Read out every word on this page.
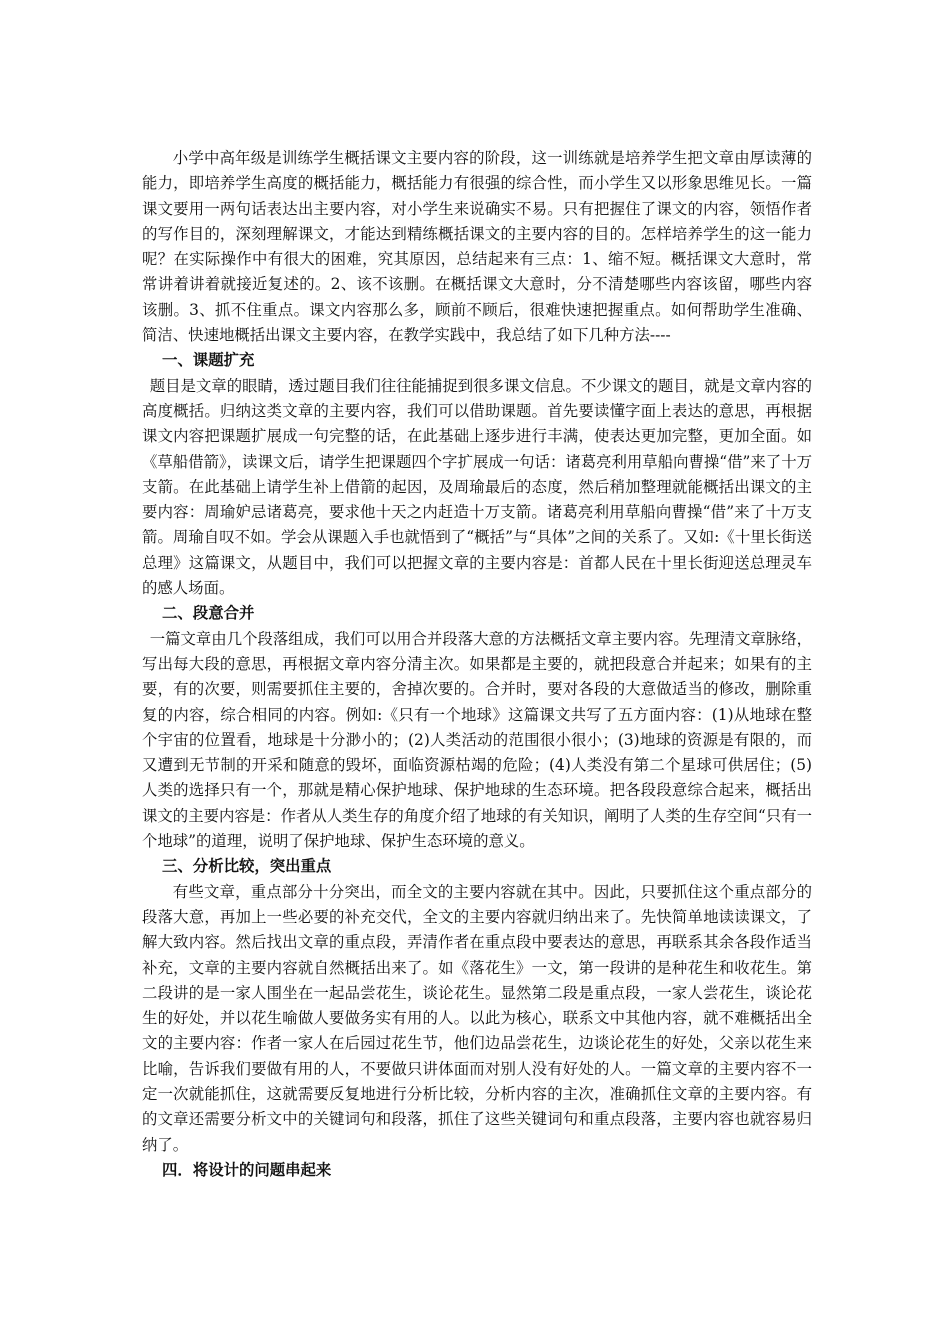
小学中高年级是训练学生概括课文主要内容的阶段，这一训练就是培养学生把文章由厚读薄的能力，即培养学生高度的概括能力，概括能力有很强的综合性，而小学生又以形象思维见长。一篇课文要用一两句话表达出主要内容，对小学生来说确实不易。只有把握住了课文的内容，领悟作者的写作目的，深刻理解课文，才能达到精练概括课文的主要内容的目的。怎样培养学生的这一能力呢？在实际操作中有很大的困难，究其原因，总结起来有三点：1、缩不短。概括课文大意时，常常讲着讲着就接近复述的。2、该不该删。在概括课文大意时，分不清楚哪些内容该留，哪些内容该删。3、抓不住重点。课文内容那么多，顾前不顾后，很难快速把握重点。如何帮助学生准确、简洁、快速地概括出课文主要内容，在教学实践中，我总结了如下几种方法----

一、课题扩充

题目是文章的眼睛，透过题目我们往往能捕捉到很多课文信息。不少课文的题目，就是文章内容的高度概括。归纳这类文章的主要内容，我们可以借助课题。首先要读懂字面上表达的意思，再根据课文内容把课题扩展成一句完整的话，在此基础上逐步进行丰满，使表达更加完整，更加全面。如《草船借箭》，读课文后，请学生把课题四个字扩展成一句话：诸葛亮利用草船向曹操“借”来了十万支箭。在此基础上请学生补上借箭的起因，及周瑜最后的态度，然后稍加整理就能概括出课文的主要内容：周瑜妒忌诸葛亮，要求他十天之内赶造十万支箭。诸葛亮利用草船向曹操“借”来了十万支箭。周瑜自叹不如。学会从课题入手也就悟到了“概括”与“具体”之间的关系了。又如:《十里长街送总理》这篇课文，从题目中，我们可以把握文章的主要内容是：首都人民在十里长街迎送总理灵车的感人场面。

二、段意合并

一篇文章由几个段落组成，我们可以用合并段落大意的方法概括文章主要内容。先理清文章脉络，写出每大段的意思，再根据文章内容分清主次。如果都是主要的，就把段意合并起来；如果有的主要，有的次要，则需要抓住主要的，舍掉次要的。合并时，要对各段的大意做适当的修改，删除重复的内容，综合相同的内容。例如:《只有一个地球》这篇课文共写了五方面内容：(1)从地球在整个宇宙的位置看，地球是十分渺小的；(2)人类活动的范围很小很小；(3)地球的资源是有限的，而又遭到无节制的开采和随意的毁坏，面临资源枯竭的危险；(4)人类没有第二个星球可供居住；(5)人类的选择只有一个，那就是精心保护地球、保护地球的生态环境。把各段段意综合起来，概括出课文的主要内容是：作者从人类生存的角度介绍了地球的有关知识，阐明了人类的生存空间“只有一个地球”的道理，说明了保护地球、保护生态环境的意义。

三、分析比较，突出重点

有些文章，重点部分十分突出，而全文的主要内容就在其中。因此，只要抓住这个重点部分的段落大意，再加上一些必要的补充交代，全文的主要内容就归纳出来了。先快简单地读读课文，了解大致内容。然后找出文章的重点段，弄清作者在重点段中要表达的意思，再联系其余各段作适当补充，文章的主要内容就自然概括出来了。如《落花生》一文，第一段讲的是种花生和收花生。第二段讲的是一家人围坐在一起品尝花生，谈论花生。显然第二段是重点段，一家人尝花生，谈论花生的好处，并以花生喻做人要做务实有用的人。以此为核心，联系文中其他内容，就不难概括出全文的主要内容：作者一家人在后园过花生节，他们边品尝花生，边谈论花生的好处，父亲以花生来比喻，告诉我们要做有用的人，不要做只讲体面而对别人没有好处的人。一篇文章的主要内容不一定一次就能抓住，这就需要反复地进行分析比较，分析内容的主次，准确抓住文章的主要内容。有的文章还需要分析文中的关键词句和段落，抓住了这些关键词句和重点段落，主要内容也就容易归纳了。

四．将设计的问题串起来
